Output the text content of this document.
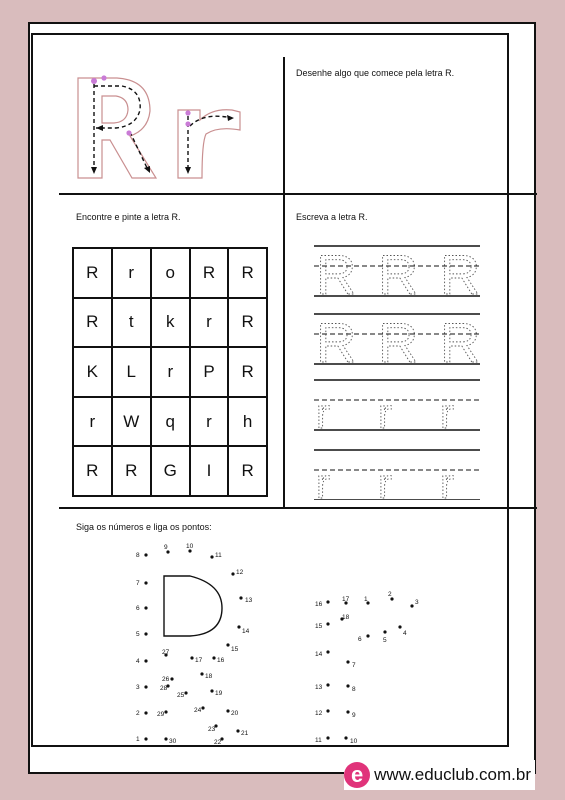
Desenhe algo que comece pela letra R.
Encontre e pinte a letra R.	Escreva a letra R.
Siga os números e liga os pontos:
R	r	o	R	R
R	t	k	r	R
K	L	r	P	R
r	W	q	r	h
R	R	G	I	R
R R R
R R R
r r r
r r r
1
2
3
4
5
6
7
8
9	10
11
12
13
14
15
16
17
18
19
20
21
22
23
24
25
26
27
28
29
30
1
2
3
4
5
6
7
8
9
10
11
12
13
14
15
16
17
18
e www.educlub.com.br
